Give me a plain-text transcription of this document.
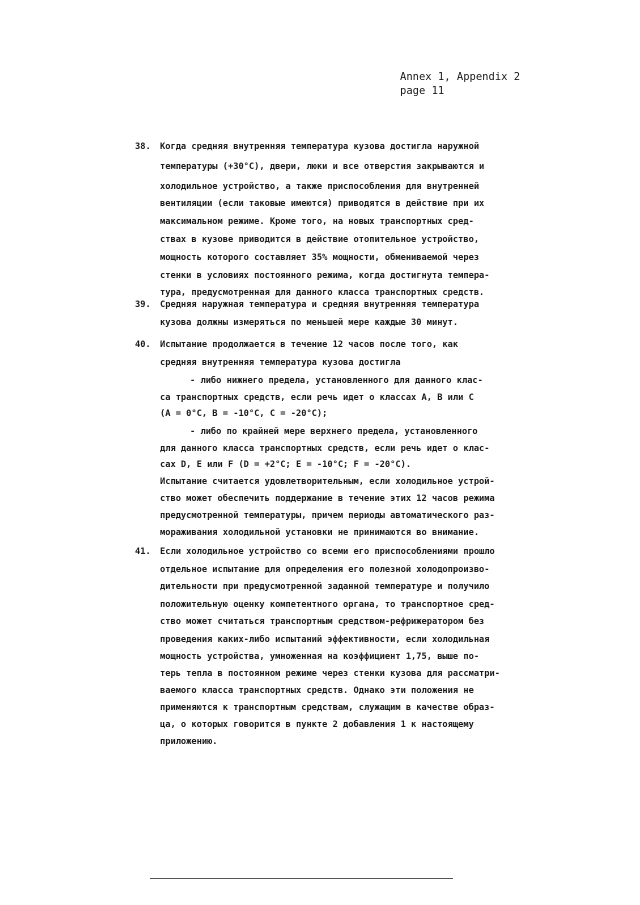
Annex 1, Appendix 2
page 11
38. Когда средняя внутренняя температура кузова достигла наружной
температуры (+30°С), двери, люки и все отверстия закрываются и
холодильное устройство, а также приспособления для внутренней
вентиляции (если таковые имеются) приводятся в действие при их
максимальном режиме. Кроме того, на новых транспортных сред-
ствах в кузове приводится в действие отопительное устройство,
мощность которого составляет 35% мощности, обмениваемой через
стенки в условиях постоянного режима, когда достигнута темпера-
тура, предусмотренная для данного класса транспортных средств.
39. Средняя наружная температура и средняя внутренняя температура
кузова должны измеряться по меньшей мере каждые 30 минут.
40. Испытание продолжается в течение 12 часов после того, как
средняя внутренняя температура кузова достигла
- либо нижнего предела, установленного для данного клас-
са транспортных средств, если речь идет о классах A, B или C
(A = 0°C, B = -10°C, C = -20°C);
- либо по крайней мере верхнего предела, установленного
для данного класса транспортных средств, если речь идет о клас-
сах D, E или F (D = +2°C; E = -10°C; F = -20°C).
Испытание считается удовлетворительным, если холодильное устрой-
ство может обеспечить поддержание в течение этих 12 часов режима
предусмотренной температуры, причем периоды автоматического раз-
мораживания холодильной установки не принимаются во внимание.
41. Если холодильное устройство со всеми его приспособлениями прошло
отдельное испытание для определения его полезной холодопроизво-
дительности при предусмотренной заданной температуре и получило
положительную оценку компетентного органа, то транспортное сред-
ство может считаться транспортным средством-рефрижератором без
проведения каких-либо испытаний эффективности, если холодильная
мощность устройства, умноженная на коэффициент 1,75, выше по-
терь тепла в постоянном режиме через стенки кузова для рассматри-
ваемого класса транспортных средств. Однако эти положения не
применяются к транспортным средствам, служащим в качестве образ-
ца, о которых говорится в пункте 2 добавления 1 к настоящему
приложению.
